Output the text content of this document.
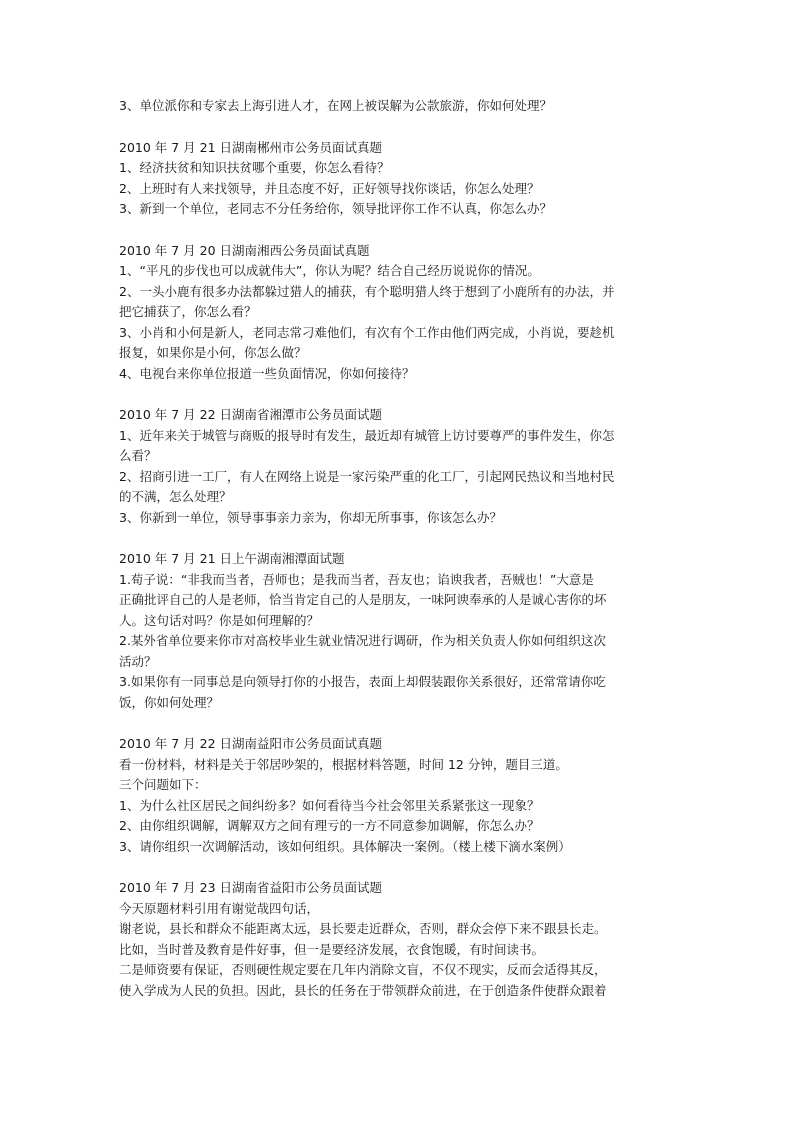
3、单位派你和专家去上海引进人才，在网上被误解为公款旅游，你如何处理？

2010 年 7 月 21 日湖南郴州市公务员面试真题

1、经济扶贫和知识扶贫哪个重要，你怎么看待？

2、上班时有人来找领导，并且态度不好，正好领导找你谈话，你怎么处理？

3、新到一个单位，老同志不分任务给你，领导批评你工作不认真，你怎么办？

2010 年 7 月 20 日湖南湘西公务员面试真题

1、“平凡的步伐也可以成就伟大”，你认为呢？结合自己经历说说你的情况。

2、一头小鹿有很多办法都躲过猎人的捕获，有个聪明猎人终于想到了小鹿所有的办法，并

把它捕获了，你怎么看？

3、小肖和小何是新人，老同志常刁难他们，有次有个工作由他们两完成，小肖说，要趁机

报复，如果你是小何，你怎么做？

4、电视台来你单位报道一些负面情况，你如何接待？

2010 年 7 月 22 日湖南省湘潭市公务员面试题

1、近年来关于城管与商贩的报导时有发生，最近却有城管上访讨要尊严的事件发生，你怎

么看？

2、招商引进一工厂，有人在网络上说是一家污染严重的化工厂，引起网民热议和当地村民

的不满，怎么处理？

3、你新到一单位，领导事事亲力亲为，你却无所事事，你该怎么办？

2010 年 7 月 21 日上午湖南湘潭面试题

1.荀子说：“非我而当者，吾师也；是我而当者，吾友也；谄谀我者，吾贼也！”大意是

正确批评自己的人是老师，恰当肯定自己的人是朋友，一味阿谀奉承的人是诚心害你的坏

人。这句话对吗？你是如何理解的？

2.某外省单位要来你市对高校毕业生就业情况进行调研，作为相关负责人你如何组织这次

活动？

3.如果你有一同事总是向领导打你的小报告，表面上却假装跟你关系很好，还常常请你吃

饭，你如何处理？

2010 年 7 月 22 日湖南益阳市公务员面试真题

看一份材料，材料是关于邻居吵架的，根据材料答题，时间 12 分钟，题目三道。

三个问题如下：

1、为什么社区居民之间纠纷多？如何看待当今社会邻里关系紧张这一现象？

2、由你组织调解，调解双方之间有理亏的一方不同意参加调解，你怎么办？

3、请你组织一次调解活动，该如何组织。具体解决一案例。（楼上楼下滴水案例）

2010 年 7 月 23 日湖南省益阳市公务员面试题

今天原题材料引用有谢觉哉四句话，

谢老说，县长和群众不能距离太远，县长要走近群众，否则，群众会停下来不跟县长走。

比如，当时普及教育是件好事，但一是要经济发展，衣食饱暖，有时间读书。

二是师资要有保证，否则硬性规定要在几年内消除文盲，不仅不现实，反而会适得其反，

使入学成为人民的负担。因此，县长的任务在于带领群众前进，在于创造条件使群众跟着
